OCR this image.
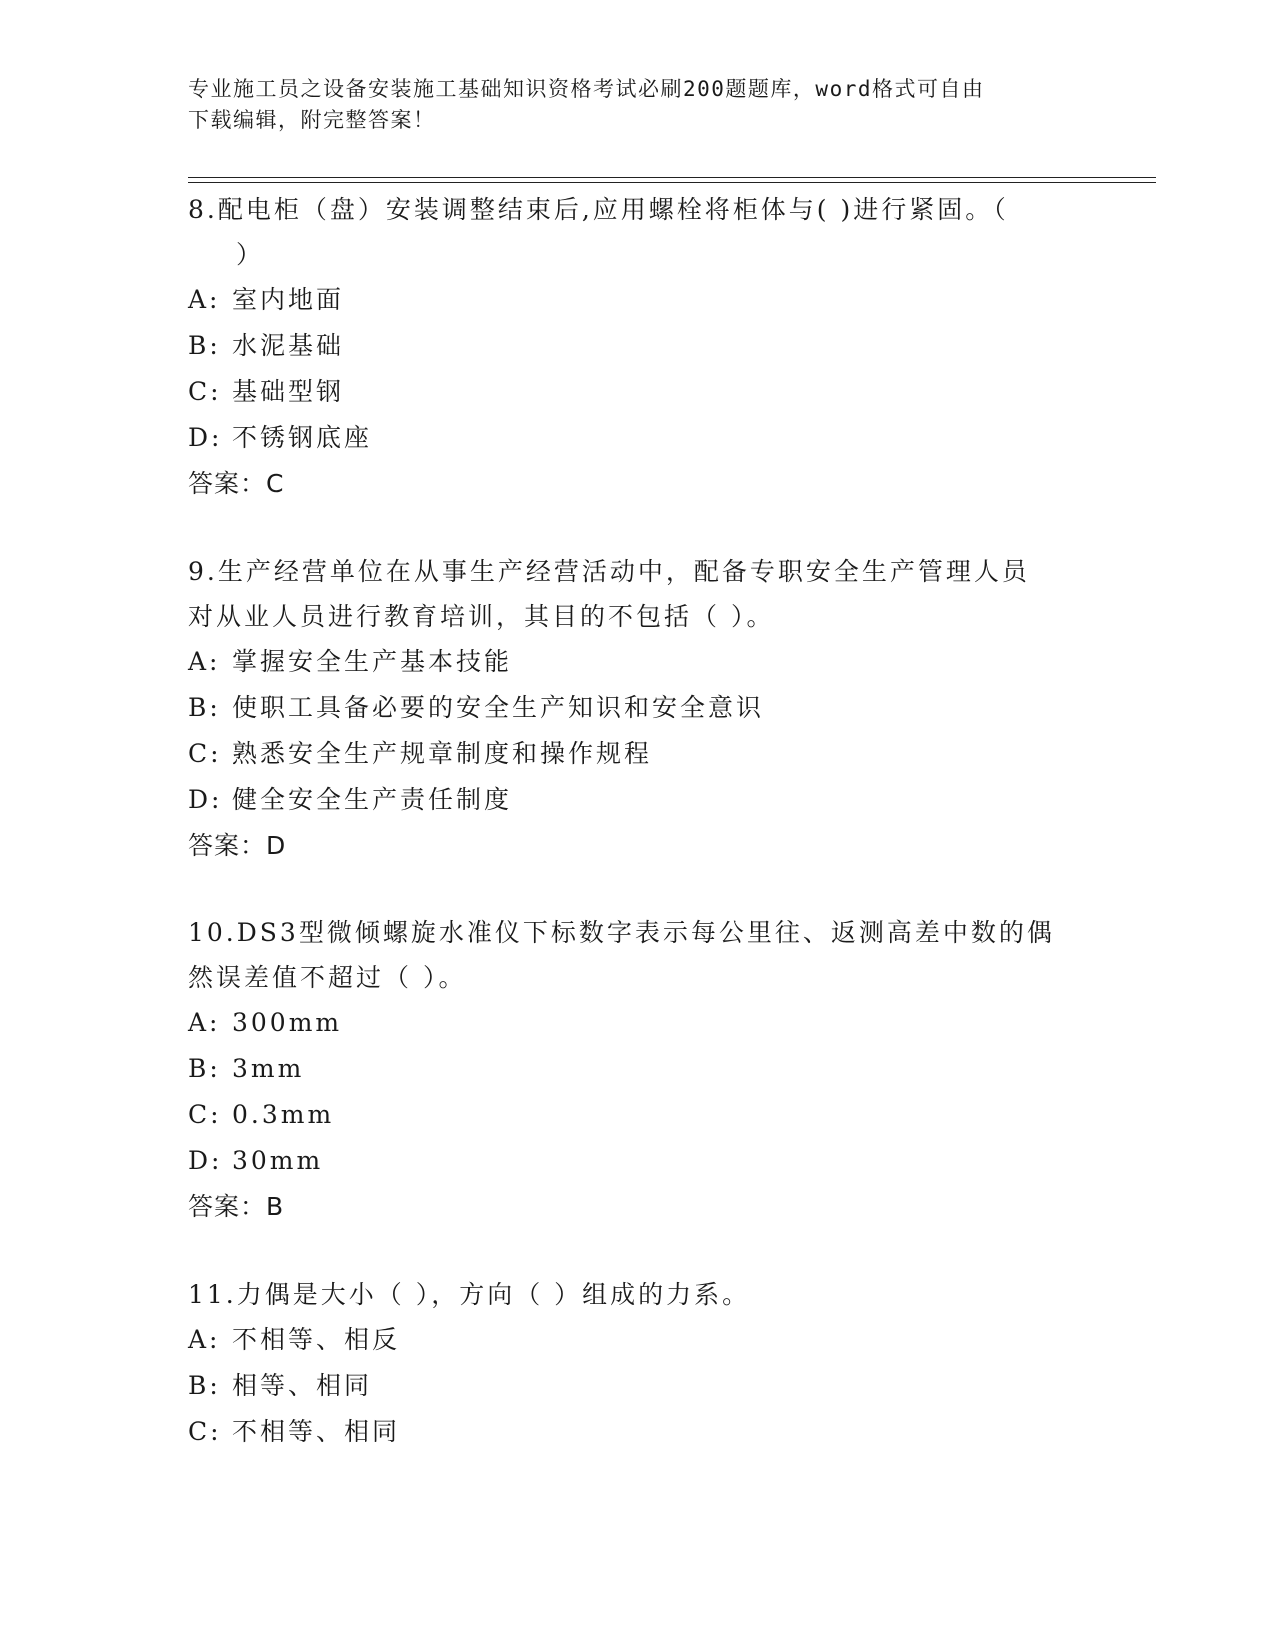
专业施工员之设备安装施工基础知识资格考试必刷200题题库，word格式可自由
下载编辑，附完整答案！

8.配电柜（盘）安装调整结束后,应用螺栓将柜体与( )进行紧固。（
）

A: 室内地面

B: 水泥基础

C: 基础型钢

D: 不锈钢底座

答案：C

9.生产经营单位在从事生产经营活动中，配备专职安全生产管理人员
对从业人员进行教育培训，其目的不包括（ ）。

A: 掌握安全生产基本技能

B: 使职工具备必要的安全生产知识和安全意识

C: 熟悉安全生产规章制度和操作规程

D: 健全安全生产责任制度

答案：D

10.DS3型微倾螺旋水准仪下标数字表示每公里往、返测高差中数的偶
然误差值不超过（ ）。

A: 300mm

B: 3mm

C: 0.3mm

D: 30mm

答案：B

11.力偶是大小（ ），方向（ ）组成的力系。

A: 不相等、相反

B: 相等、相同

C: 不相等、相同
